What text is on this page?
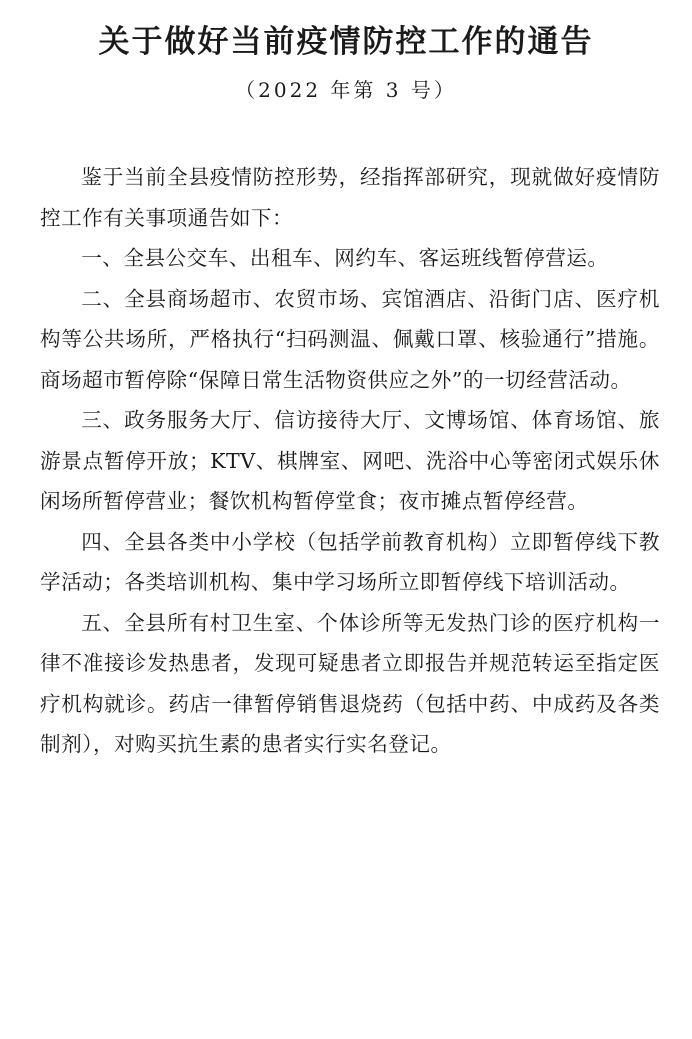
关于做好当前疫情防控工作的通告
（2022 年第 3 号）

鉴于当前全县疫情防控形势，经指挥部研究，现就做好疫情防控工作有关事项通告如下：

一、全县公交车、出租车、网约车、客运班线暂停营运。

二、全县商场超市、农贸市场、宾馆酒店、沿街门店、医疗机构等公共场所，严格执行“扫码测温、佩戴口罩、核验通行”措施。商场超市暂停除“保障日常生活物资供应之外”的一切经营活动。

三、政务服务大厅、信访接待大厅、文博场馆、体育场馆、旅游景点暂停开放；KTV、棋牌室、网吧、洗浴中心等密闭式娱乐休闲场所暂停营业；餐饮机构暂停堂食；夜市摊点暂停经营。

四、全县各类中小学校（包括学前教育机构）立即暂停线下教学活动；各类培训机构、集中学习场所立即暂停线下培训活动。

五、全县所有村卫生室、个体诊所等无发热门诊的医疗机构一律不准接诊发热患者，发现可疑患者立即报告并规范转运至指定医疗机构就诊。药店一律暂停销售退烧药（包括中药、中成药及各类制剂），对购买抗生素的患者实行实名登记。
